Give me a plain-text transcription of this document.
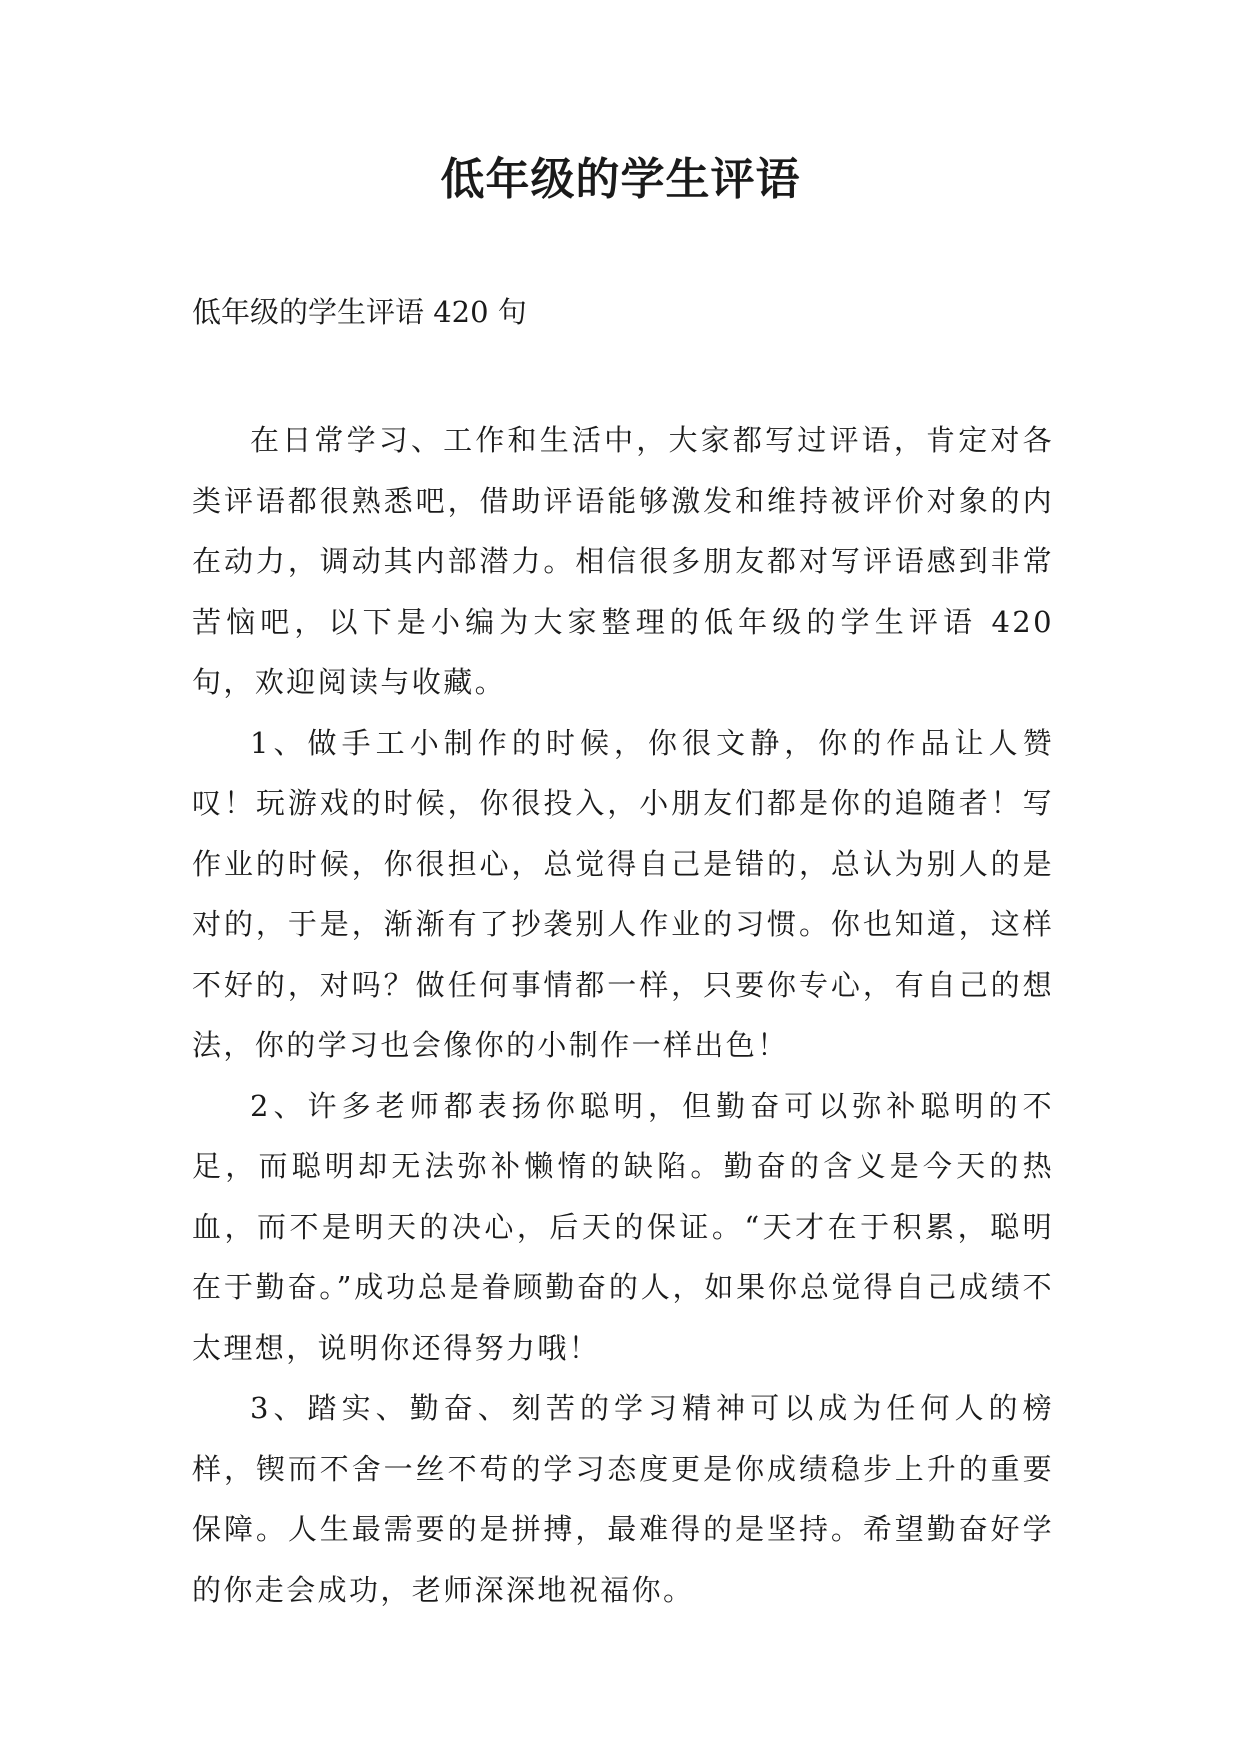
低年级的学生评语

低年级的学生评语 420 句

在日常学习、工作和生活中，大家都写过评语，肯定对各类评语都很熟悉吧，借助评语能够激发和维持被评价对象的内在动力，调动其内部潜力。相信很多朋友都对写评语感到非常苦恼吧，以下是小编为大家整理的低年级的学生评语 420 句，欢迎阅读与收藏。

1、做手工小制作的时候，你很文静，你的作品让人赞叹！玩游戏的时候，你很投入，小朋友们都是你的追随者！写作业的时候，你很担心，总觉得自己是错的，总认为别人的是对的，于是，渐渐有了抄袭别人作业的习惯。你也知道，这样不好的，对吗？做任何事情都一样，只要你专心，有自己的想法，你的学习也会像你的小制作一样出色！

2、许多老师都表扬你聪明，但勤奋可以弥补聪明的不足，而聪明却无法弥补懒惰的缺陷。勤奋的含义是今天的热血，而不是明天的决心，后天的保证。“天才在于积累，聪明在于勤奋。”成功总是眷顾勤奋的人，如果你总觉得自己成绩不太理想，说明你还得努力哦！

3、踏实、勤奋、刻苦的学习精神可以成为任何人的榜样，锲而不舍一丝不苟的学习态度更是你成绩稳步上升的重要保障。人生最需要的是拼搏，最难得的是坚持。希望勤奋好学的你走会成功，老师深深地祝福你。
